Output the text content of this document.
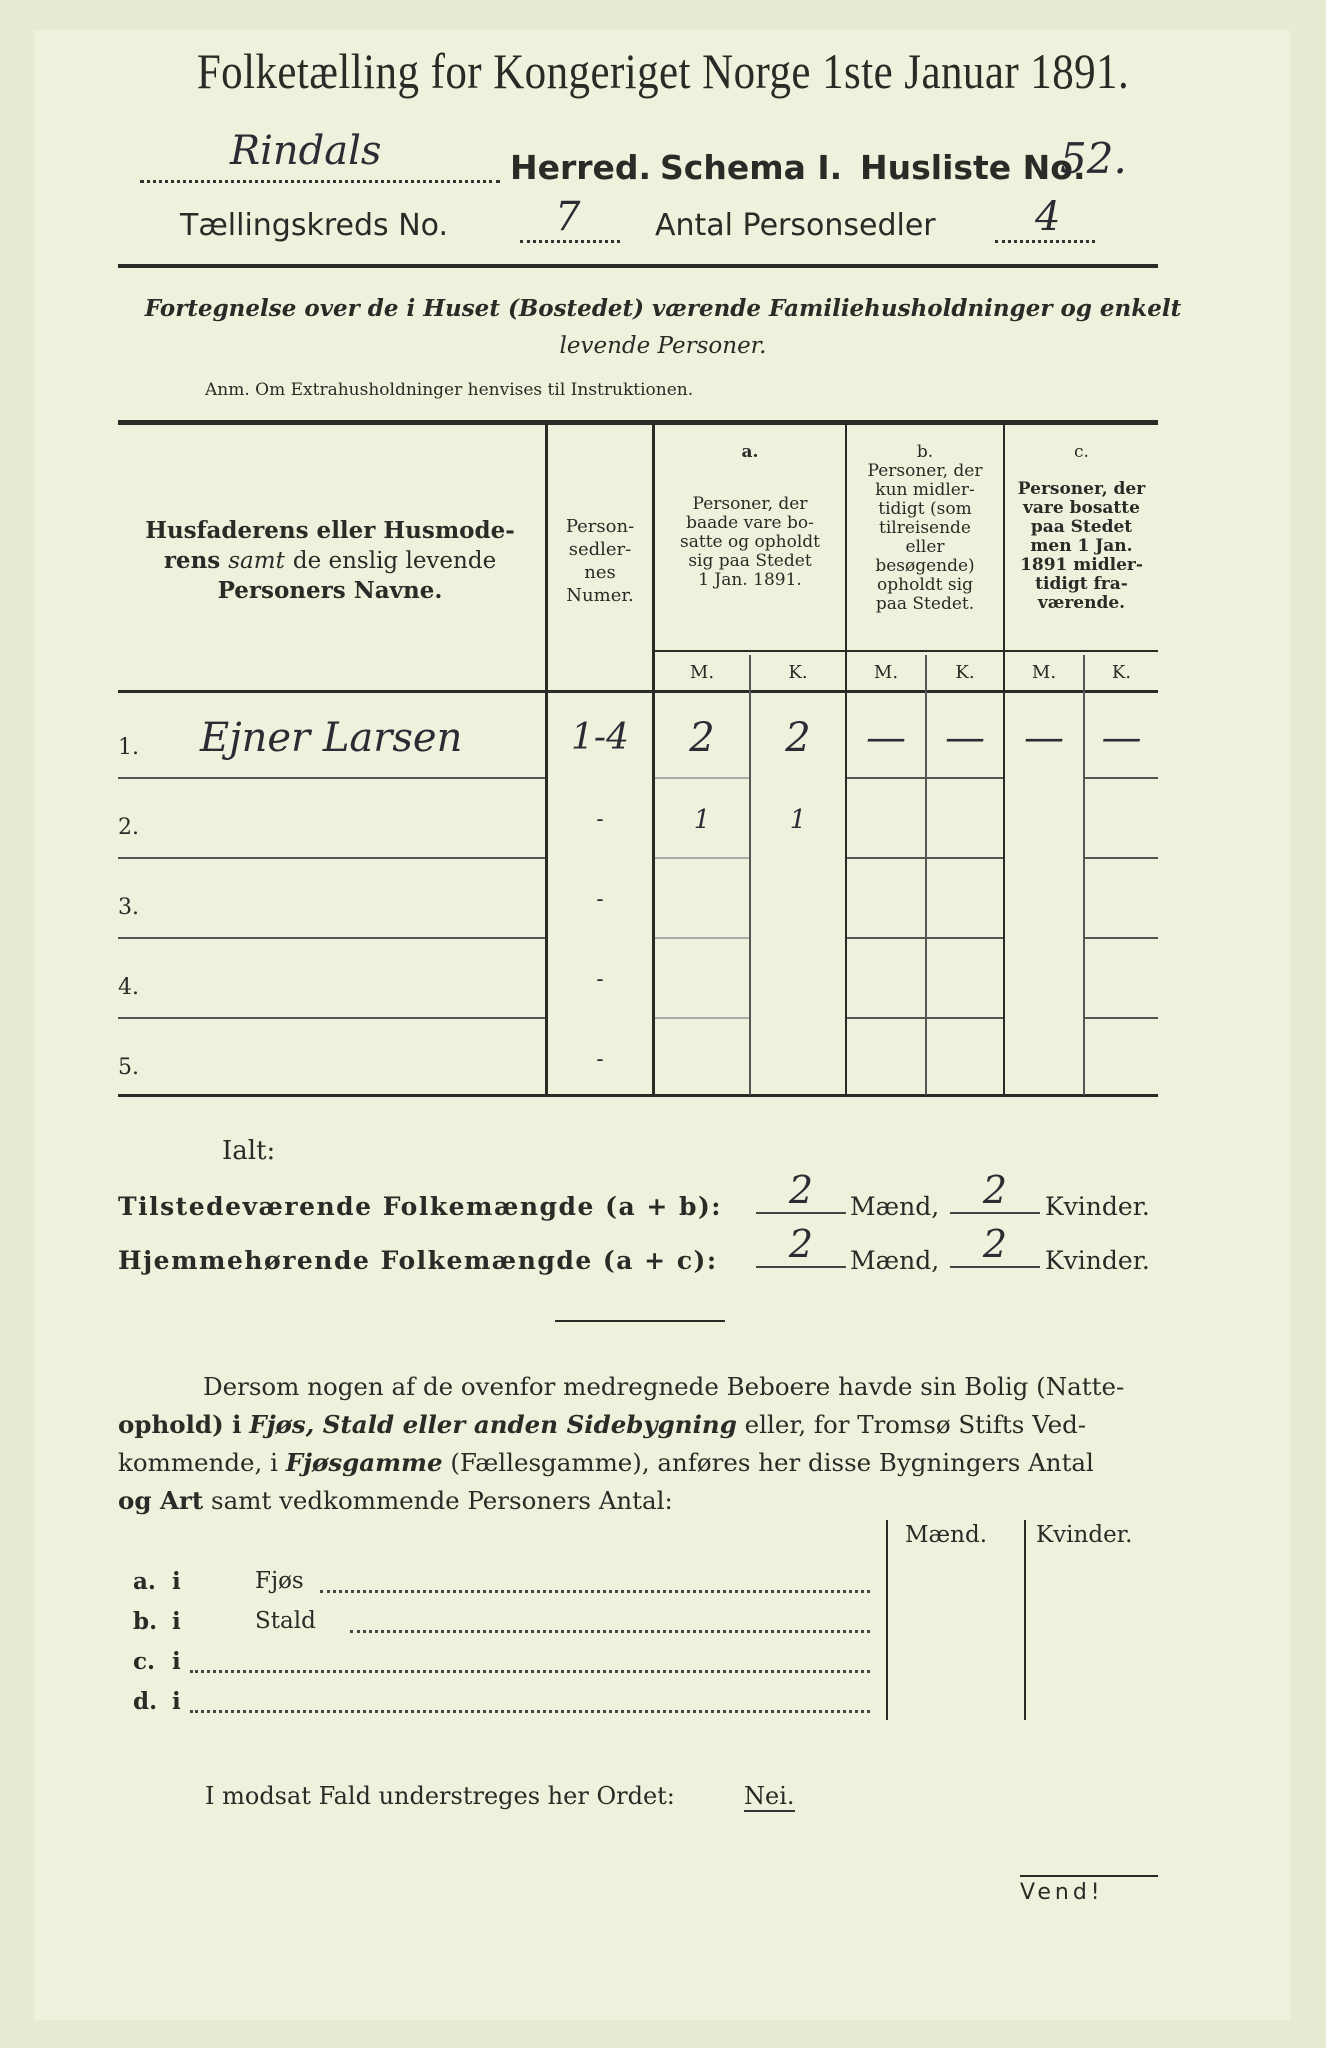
Folketælling for Kongeriget Norge 1ste Januar 1891.
Rindals	Herred. Schema I. Husliste No.
52.
Tællingskreds No.	7 Antal Personsedler 4
Fortegnelse over de i Huset (Bostedet) værende Familiehusholdninger og enkelt
levende Personer.
Anm. Om Extrahusholdninger henvises til Instruktionen.
Husfaderens eller Husmode-
rens samt de enslig levende
Personers Navne.
Person-
sedler-
nes
Numer.
a.
Personer, der
baade vare bo-
satte og opholdt
sig paa Stedet
1 Jan. 1891.
b.
Personer, der
kun midler-
tidigt (som
tilreisende
eller
besøgende)
opholdt sig
paa Stedet.
c.
Personer, der
vare bosatte
paa Stedet
men 1 Jan.
1891 midler-
tidigt fra-
værende.
M.	K.	M.	K.	M.	K.
1. Ejner Larsen	1-4	2	2	— — — —
2.	-	1	1
3.	-
4.	-
5.	-
Ialt:
Tilstedeværende Folkemængde (a + b):	2	Mænd,	2	Kvinder.
Hjemmehørende Folkemængde (a + c):	2	Mænd,	2	Kvinder.
Dersom nogen af de ovenfor medregnede Beboere havde sin Bolig (Natte-
ophold) i Fjøs, Stald eller anden Sidebygning eller, for Tromsø Stifts Ved-
kommende, i Fjøsgamme (Fællesgamme), anføres her disse Bygningers Antal
og Art samt vedkommende Personers Antal:
Mænd. Kvinder.
a. i	Fjøs
b. i	Stald
c. i
d. i
I modsat Fald understreges her Ordet:	Nei.
Vend!
